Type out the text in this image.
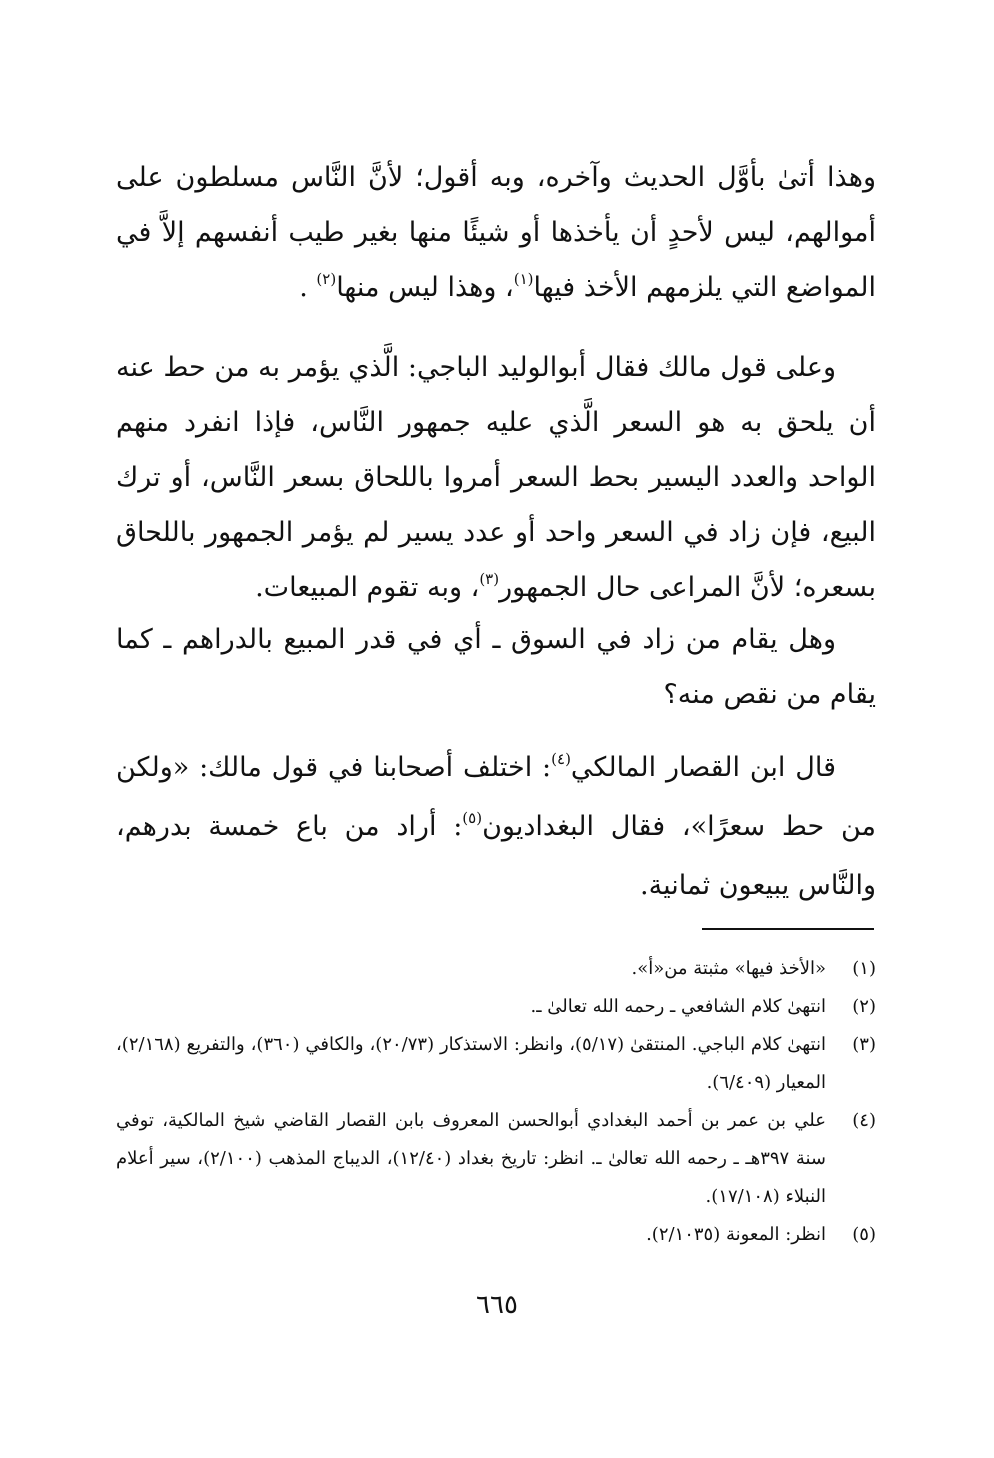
وهذا أتىٰ بأوَّل الحديث وآخره، وبه أقول؛ لأنَّ النَّاس مسلطون على أموالهم، ليس لأحدٍ أن يأخذها أو شيئًا منها بغير طيب أنفسهم إلاَّ في المواضع التي يلزمهم الأخذ فيها$^{(١)}$، وهذا ليس منها$^{(٢)}$ .

وعلى قول مالك فقال أبوالوليد الباجي: الَّذي يؤمر به من حط عنه أن يلحق به هو السعر الَّذي عليه جمهور النَّاس، فإذا انفرد منهم الواحد والعدد اليسير بحط السعر أمروا باللحاق بسعر النَّاس، أو ترك البيع، فإن زاد في السعر واحد أو عدد يسير لم يؤمر الجمهور باللحاق بسعره؛ لأنَّ المراعى حال الجمهور$^{(٣)}$، وبه تقوم المبيعات.

وهل يقام من زاد في السوق ـ أي في قدر المبيع بالدراهم ـ كما يقام من نقص منه؟

قال ابن القصار المالكي$^{(٤)}$: اختلف أصحابنا في قول مالك: «ولكن من حط سعرًا»، فقال البغداديون$^{(٥)}$: أراد من باع خمسة بدرهم، والنَّاس يبيعون ثمانية.

(١)
«الأخذ فيها» مثبتة من«أ».
(٢)
انتهىٰ كلام الشافعي ـ رحمه الله تعالىٰ ـ.
(٣)
انتهىٰ كلام الباجي. المنتقىٰ (٥/١٧)، وانظر: الاستذكار (٢٠/٧٣)، والكافي (٣٦٠)، والتفريع (٢/١٦٨)، المعيار (٦/٤٠٩).
(٤)
علي بن عمر بن أحمد البغدادي أبوالحسن المعروف بابن القصار القاضي شيخ المالكية، توفي سنة ٣٩٧هـ ـ رحمه الله تعالىٰ ـ. انظر: تاريخ بغداد (١٢/٤٠)، الديباج المذهب (٢/١٠٠)، سير أعلام النبلاء (١٧/١٠٨).
(٥)
انظر: المعونة (٢/١٠٣٥).
٦٦٥
